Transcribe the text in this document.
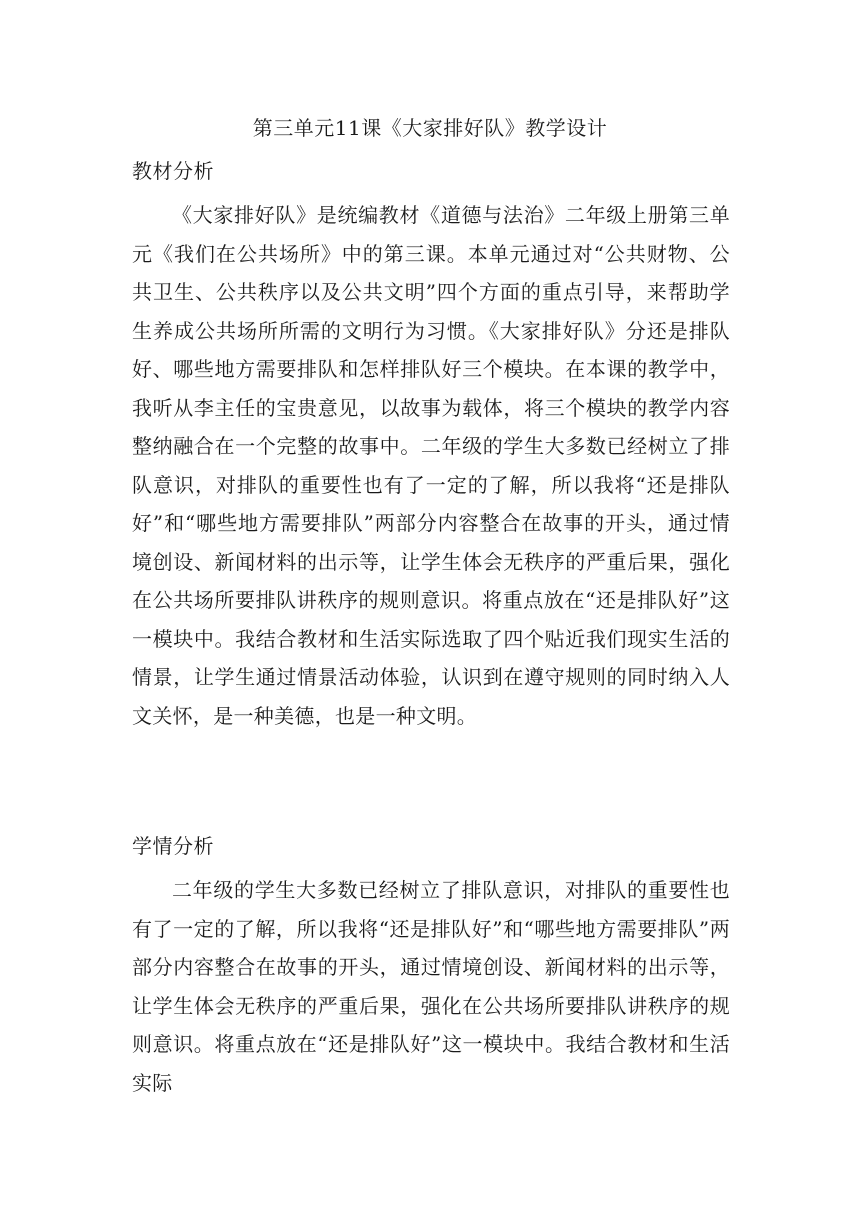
第三单元11课《大家排好队》教学设计
教材分析
《大家排好队》是统编教材《道德与法治》二年级上册第三单元《我们在公共场所》中的第三课。本单元通过对“公共财物、公共卫生、公共秩序以及公共文明”四个方面的重点引导，来帮助学生养成公共场所所需的文明行为习惯。《大家排好队》分还是排队好、哪些地方需要排队和怎样排队好三个模块。在本课的教学中，我听从李主任的宝贵意见，以故事为载体，将三个模块的教学内容整纳融合在一个完整的故事中。二年级的学生大多数已经树立了排队意识，对排队的重要性也有了一定的了解，所以我将“还是排队好”和“哪些地方需要排队”两部分内容整合在故事的开头，通过情境创设、新闻材料的出示等，让学生体会无秩序的严重后果，强化在公共场所要排队讲秩序的规则意识。将重点放在“还是排队好”这一模块中。我结合教材和生活实际选取了四个贴近我们现实生活的情景，让学生通过情景活动体验，认识到在遵守规则的同时纳入人文关怀，是一种美德，也是一种文明。
学情分析
二年级的学生大多数已经树立了排队意识，对排队的重要性也有了一定的了解，所以我将“还是排队好”和“哪些地方需要排队”两部分内容整合在故事的开头，通过情境创设、新闻材料的出示等，让学生体会无秩序的严重后果，强化在公共场所要排队讲秩序的规则意识。将重点放在“还是排队好”这一模块中。我结合教材和生活实际
